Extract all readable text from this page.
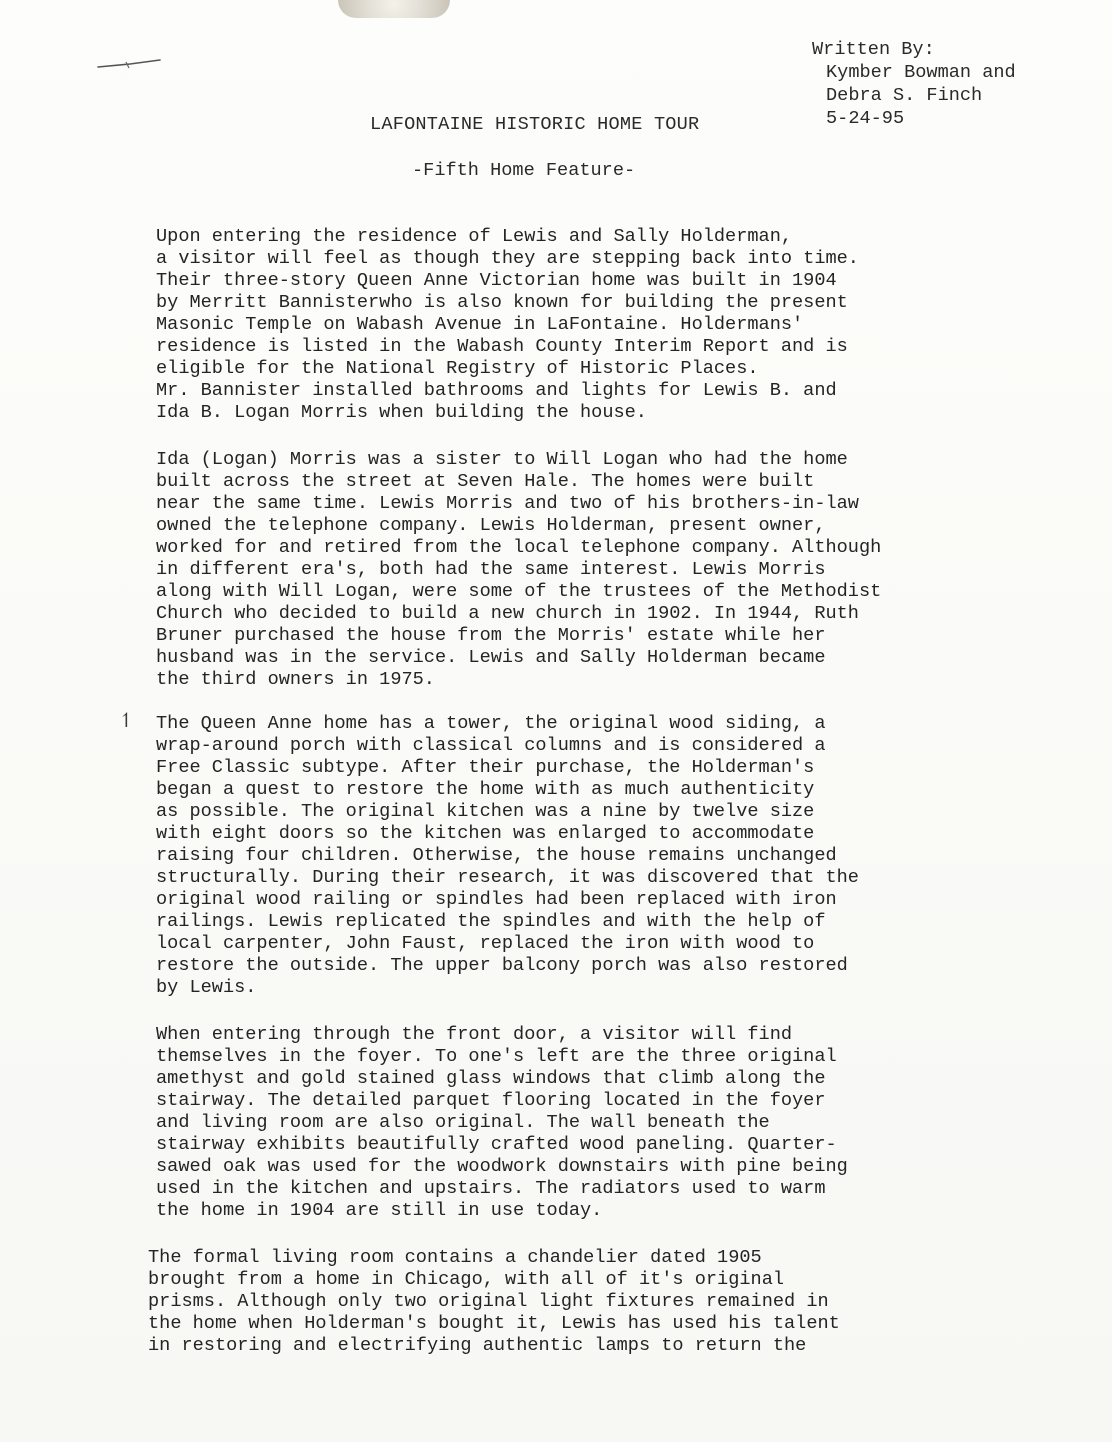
Written By:
Kymber Bowman and
Debra S. Finch
5-24-95
LAFONTAINE HISTORIC HOME TOUR
-Fifth Home Feature-
↿
Upon entering the residence of Lewis and Sally Holderman,
a visitor will feel as though they are stepping back into time.
Their three-story Queen Anne Victorian home was built in 1904
by Merritt Bannisterwho is also known for building the present
Masonic Temple on Wabash Avenue in LaFontaine. Holdermans'
residence is listed in the Wabash County Interim Report and is
eligible for the National Registry of Historic Places.
Mr. Bannister installed bathrooms and lights for Lewis B. and
Ida B. Logan Morris when building the house.
Ida (Logan) Morris was a sister to Will Logan who had the home
built across the street at Seven Hale. The homes were built
near the same time. Lewis Morris and two of his brothers-in-law
owned the telephone company. Lewis Holderman, present owner,
worked for and retired from the local telephone company. Although
in different era's, both had the same interest. Lewis Morris
along with Will Logan, were some of the trustees of the Methodist
Church who decided to build a new church in 1902. In 1944, Ruth
Bruner purchased the house from the Morris' estate while her
husband was in the service. Lewis and Sally Holderman became
the third owners in 1975.
The Queen Anne home has a tower, the original wood siding, a
wrap-around porch with classical columns and is considered a
Free Classic subtype. After their purchase, the Holderman's
began a quest to restore the home with as much authenticity
as possible. The original kitchen was a nine by twelve size
with eight doors so the kitchen was enlarged to accommodate
raising four children. Otherwise, the house remains unchanged
structurally. During their research, it was discovered that the
original wood railing or spindles had been replaced with iron
railings. Lewis replicated the spindles and with the help of
local carpenter, John Faust, replaced the iron with wood to
restore the outside. The upper balcony porch was also restored
by Lewis.
When entering through the front door, a visitor will find
themselves in the foyer. To one's left are the three original
amethyst and gold stained glass windows that climb along the
stairway. The detailed parquet flooring located in the foyer
and living room are also original. The wall beneath the
stairway exhibits beautifully crafted wood paneling. Quarter-
sawed oak was used for the woodwork downstairs with pine being
used in the kitchen and upstairs. The radiators used to warm
the home in 1904 are still in use today.
The formal living room contains a chandelier dated 1905
brought from a home in Chicago, with all of it's original
prisms. Although only two original light fixtures remained in
the home when Holderman's bought it, Lewis has used his talent
in restoring and electrifying authentic lamps to return the
